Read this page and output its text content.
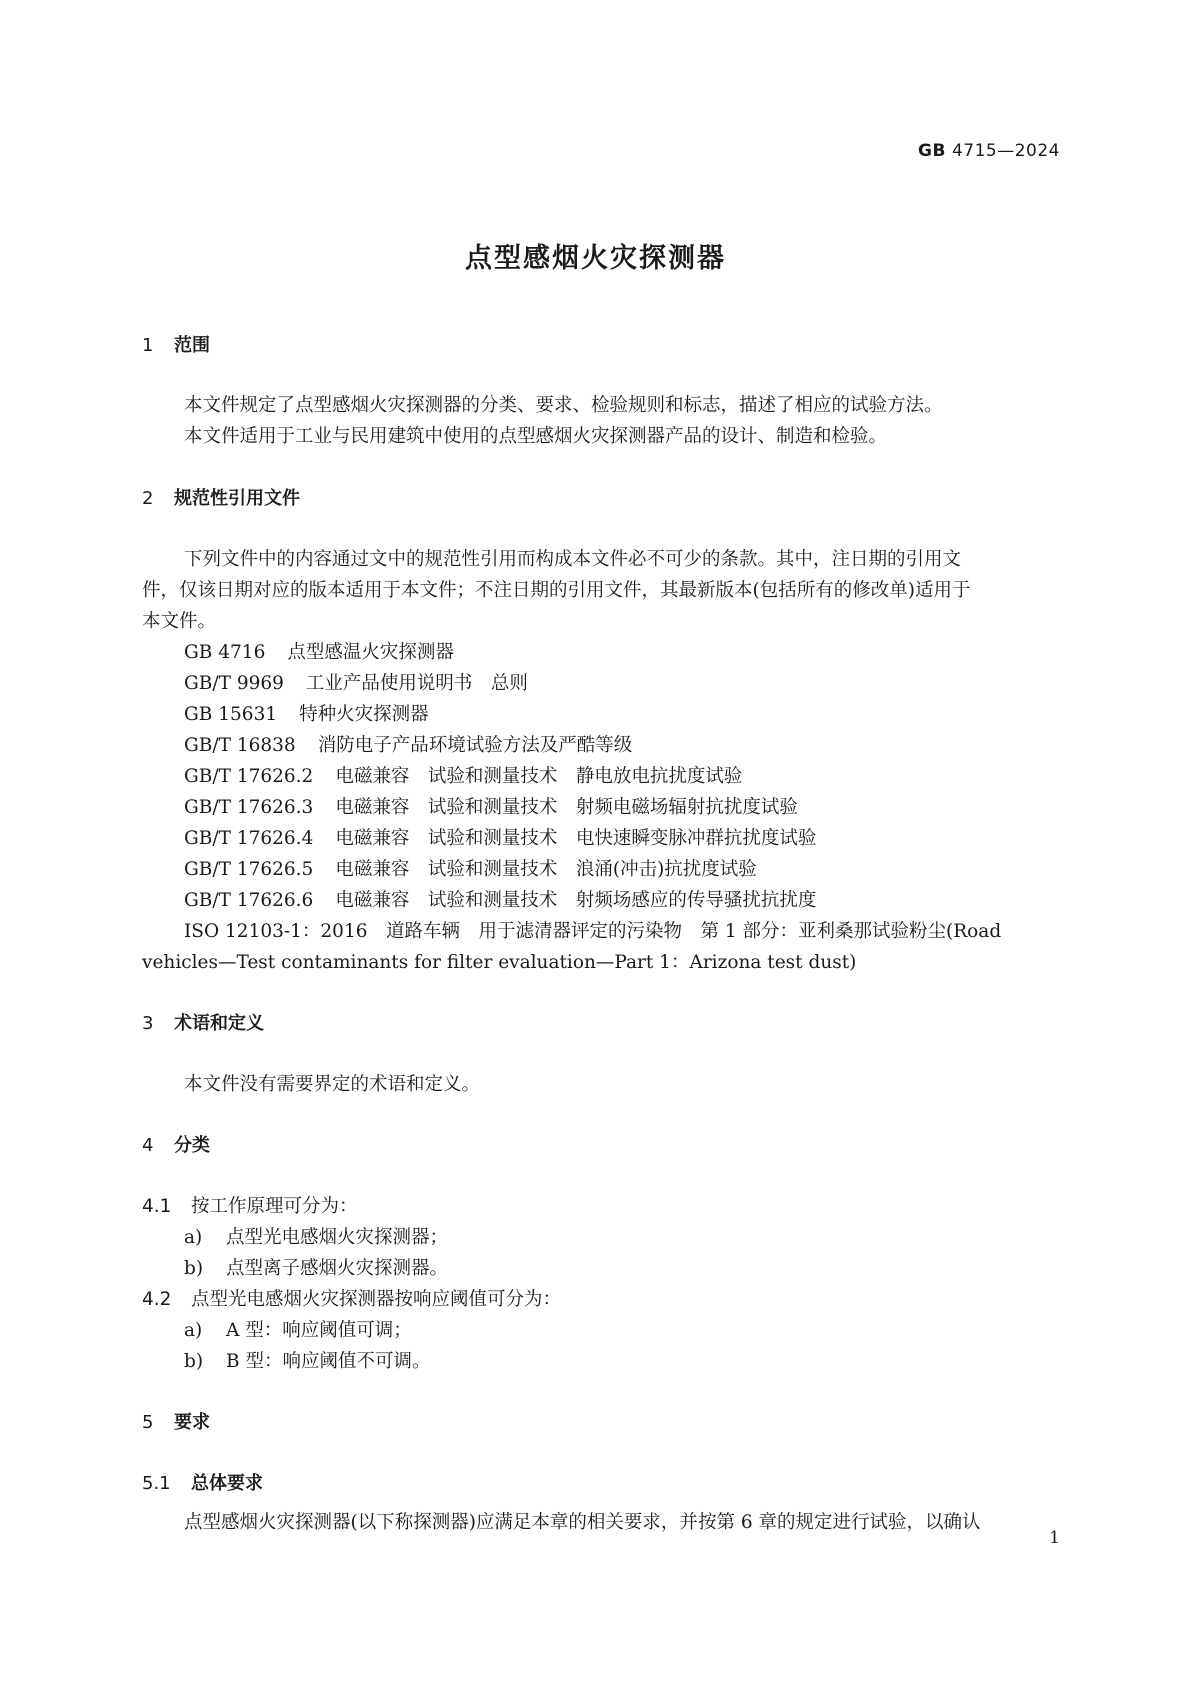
GB 4715—2024
点型感烟火灾探测器
1 范围
本文件规定了点型感烟火灾探测器的分类、要求、检验规则和标志，描述了相应的试验方法。
本文件适用于工业与民用建筑中使用的点型感烟火灾探测器产品的设计、制造和检验。
2 规范性引用文件
下列文件中的内容通过文中的规范性引用而构成本文件必不可少的条款。其中，注日期的引用文
件，仅该日期对应的版本适用于本文件；不注日期的引用文件，其最新版本(包括所有的修改单)适用于
本文件。
GB 4716 点型感温火灾探测器
GB/T 9969 工业产品使用说明书　总则
GB 15631 特种火灾探测器
GB/T 16838 消防电子产品环境试验方法及严酷等级
GB/T 17626.2 电磁兼容　试验和测量技术　静电放电抗扰度试验
GB/T 17626.3 电磁兼容　试验和测量技术　射频电磁场辐射抗扰度试验
GB/T 17626.4 电磁兼容　试验和测量技术　电快速瞬变脉冲群抗扰度试验
GB/T 17626.5 电磁兼容　试验和测量技术　浪涌(冲击)抗扰度试验
GB/T 17626.6 电磁兼容　试验和测量技术　射频场感应的传导骚扰抗扰度
ISO 12103-1：2016　道路车辆　用于滤清器评定的污染物　第 1 部分：亚利桑那试验粉尘(Road
vehicles—Test contaminants for filter evaluation—Part 1：Arizona test dust)
3 术语和定义
本文件没有需要界定的术语和定义。
4 分类
4.1 按工作原理可分为：
a) 点型光电感烟火灾探测器；
b) 点型离子感烟火灾探测器。
4.2 点型光电感烟火灾探测器按响应阈值可分为：
a) A 型：响应阈值可调；
b) B 型：响应阈值不可调。
5 要求
5.1 总体要求
点型感烟火灾探测器(以下称探测器)应满足本章的相关要求，并按第 6 章的规定进行试验，以确认
1
